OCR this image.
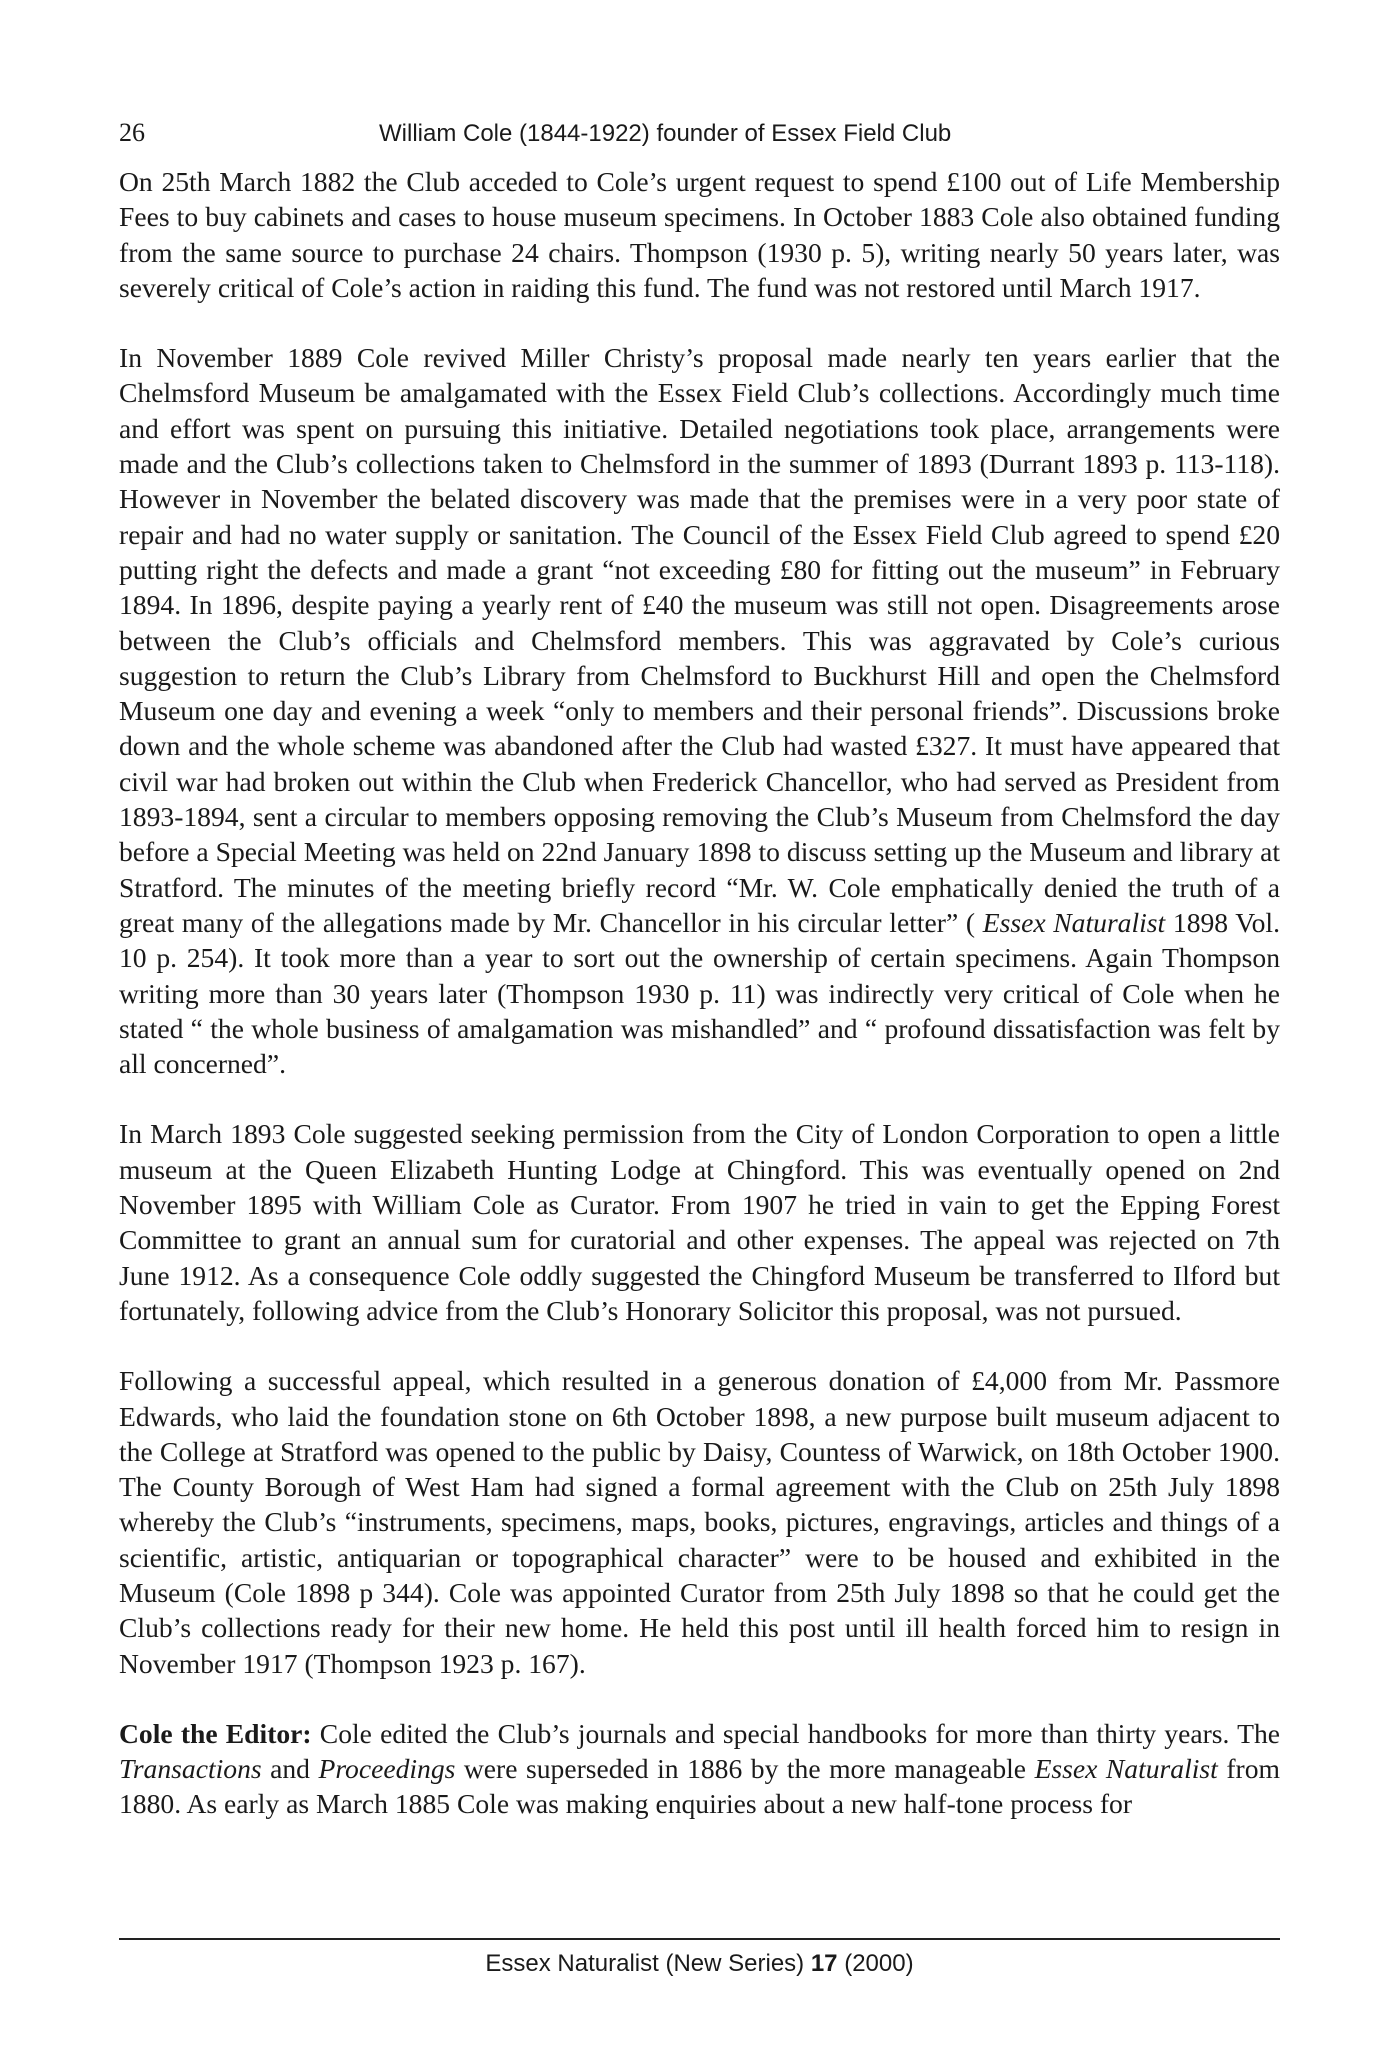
26	William Cole (1844-1922) founder of Essex Field Club

On 25th March 1882 the Club acceded to Cole’s urgent request to spend £100 out of Life Membership Fees to buy cabinets and cases to house museum specimens. In October 1883 Cole also obtained funding from the same source to purchase 24 chairs. Thompson (1930 p. 5), writing nearly 50 years later, was severely critical of Cole’s action in raiding this fund. The fund was not restored until March 1917.

In November 1889 Cole revived Miller Christy’s proposal made nearly ten years earlier that the Chelmsford Museum be amalgamated with the Essex Field Club’s collections. Accordingly much time and effort was spent on pursuing this initiative. Detailed negotiations took place, arrangements were made and the Club’s collections taken to Chelmsford in the summer of 1893 (Durrant 1893 p. 113-118). However in November the belated discovery was made that the premises were in a very poor state of repair and had no water supply or sanitation. The Council of the Essex Field Club agreed to spend £20 putting right the defects and made a grant “not exceeding £80 for fitting out the museum” in February 1894. In 1896, despite paying a yearly rent of £40 the museum was still not open. Disagreements arose between the Club’s officials and Chelmsford members. This was aggravated by Cole’s curious suggestion to return the Club’s Library from Chelmsford to Buckhurst Hill and open the Chelmsford Museum one day and evening a week “only to members and their personal friends”. Discussions broke down and the whole scheme was abandoned after the Club had wasted £327. It must have appeared that civil war had broken out within the Club when Frederick Chancellor, who had served as President from 1893-1894, sent a circular to members opposing removing the Club’s Museum from Chelmsford the day before a Special Meeting was held on 22nd January 1898 to discuss setting up the Museum and library at Stratford. The minutes of the meeting briefly record “Mr. W. Cole emphatically denied the truth of a great many of the allegations made by Mr. Chancellor in his circular letter” ( Essex Naturalist 1898 Vol. 10 p. 254). It took more than a year to sort out the ownership of certain specimens. Again Thompson writing more than 30 years later (Thompson 1930 p. 11) was indirectly very critical of Cole when he stated “ the whole business of amalgamation was mishandled” and “ profound dissatisfaction was felt by all concerned”.

In March 1893 Cole suggested seeking permission from the City of London Corporation to open a little museum at the Queen Elizabeth Hunting Lodge at Chingford. This was eventually opened on 2nd November 1895 with William Cole as Curator. From 1907 he tried in vain to get the Epping Forest Committee to grant an annual sum for curatorial and other expenses. The appeal was rejected on 7th June 1912. As a consequence Cole oddly suggested the Chingford Museum be transferred to Ilford but fortunately, following advice from the Club’s Honorary Solicitor this proposal, was not pursued.

Following a successful appeal, which resulted in a generous donation of £4,000 from Mr. Passmore Edwards, who laid the foundation stone on 6th October 1898, a new purpose built museum adjacent to the College at Stratford was opened to the public by Daisy, Countess of Warwick, on 18th October 1900. The County Borough of West Ham had signed a formal agreement with the Club on 25th July 1898 whereby the Club’s “instruments, specimens, maps, books, pictures, engravings, articles and things of a scientific, artistic, antiquarian or topographical character” were to be housed and exhibited in the Museum (Cole 1898 p 344). Cole was appointed Curator from 25th July 1898 so that he could get the Club’s collections ready for their new home. He held this post until ill health forced him to resign in November 1917 (Thompson 1923 p. 167).

Cole the Editor: Cole edited the Club’s journals and special handbooks for more than thirty years. The Transactions and Proceedings were superseded in 1886 by the more manageable Essex Naturalist from 1880. As early as March 1885 Cole was making enquiries about a new half-tone process for

Essex Naturalist (New Series) 17 (2000)
